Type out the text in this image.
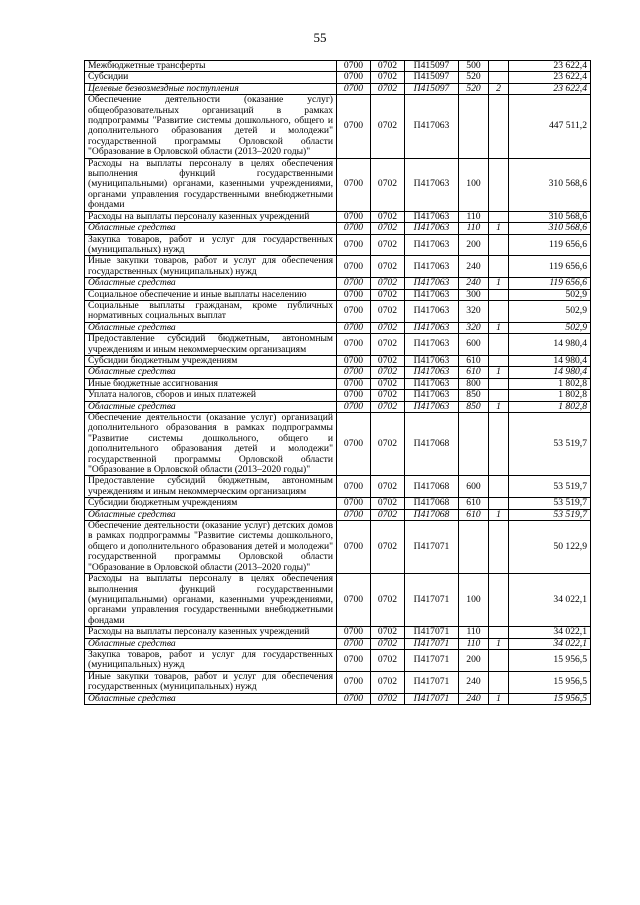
55
Межбюджетные трансферты	0700	0702	П415097	500		23 622,4
Субсидии	0700	0702	П415097	520		23 622,4
Целевые безвозмездные поступления	0700	0702	П415097	520	2	23 622,4
Обеспечение деятельности (оказание услуг) общеобразовательных организаций в рамках подпрограммы "Развитие системы дошкольного, общего и дополнительного образования детей и молодежи" государственной программы Орловской области "Образование в Орловской области (2013–2020 годы)"	0700	0702	П417063			447 511,2
Расходы на выплаты персоналу в целях обеспечения выполнения функций государственными (муниципальными) органами, казенными учреждениями, органами управления государственными внебюджетными фондами	0700	0702	П417063	100		310 568,6
Расходы на выплаты персоналу казенных учреждений	0700	0702	П417063	110		310 568,6
Областные средства	0700	0702	П417063	110	1	310 568,6
Закупка товаров, работ и услуг для государственных (муниципальных) нужд	0700	0702	П417063	200		119 656,6
Иные закупки товаров, работ и услуг для обеспечения государственных (муниципальных) нужд	0700	0702	П417063	240		119 656,6
Областные средства	0700	0702	П417063	240	1	119 656,6
Социальное обеспечение и иные выплаты населению	0700	0702	П417063	300		502,9
Социальные выплаты гражданам, кроме публичных нормативных социальных выплат	0700	0702	П417063	320		502,9
Областные средства	0700	0702	П417063	320	1	502,9
Предоставление субсидий бюджетным, автономным учреждениям и иным некоммерческим организациям	0700	0702	П417063	600		14 980,4
Субсидии бюджетным учреждениям	0700	0702	П417063	610		14 980,4
Областные средства	0700	0702	П417063	610	1	14 980,4
Иные бюджетные ассигнования	0700	0702	П417063	800		1 802,8
Уплата налогов, сборов и иных платежей	0700	0702	П417063	850		1 802,8
Областные средства	0700	0702	П417063	850	1	1 802,8
Обеспечение деятельности (оказание услуг) организаций дополнительного образования в рамках подпрограммы "Развитие системы дошкольного, общего и дополнительного образования детей и молодежи" государственной программы Орловской области "Образование в Орловской области (2013–2020 годы)"	0700	0702	П417068			53 519,7
Предоставление субсидий бюджетным, автономным учреждениям и иным некоммерческим организациям	0700	0702	П417068	600		53 519,7
Субсидии бюджетным учреждениям	0700	0702	П417068	610		53 519,7
Областные средства	0700	0702	П417068	610	1	53 519,7
Обеспечение деятельности (оказание услуг) детских домов в рамках подпрограммы "Развитие системы дошкольного, общего и дополнительного образования детей и молодежи" государственной программы Орловской области "Образование в Орловской области (2013–2020 годы)"	0700	0702	П417071			50 122,9
Расходы на выплаты персоналу в целях обеспечения выполнения функций государственными (муниципальными) органами, казенными учреждениями, органами управления государственными внебюджетными фондами	0700	0702	П417071	100		34 022,1
Расходы на выплаты персоналу казенных учреждений	0700	0702	П417071	110		34 022,1
Областные средства	0700	0702	П417071	110	1	34 022,1
Закупка товаров, работ и услуг для государственных (муниципальных) нужд	0700	0702	П417071	200		15 956,5
Иные закупки товаров, работ и услуг для обеспечения государственных (муниципальных) нужд	0700	0702	П417071	240		15 956,5
Областные средства	0700	0702	П417071	240	1	15 956,5
